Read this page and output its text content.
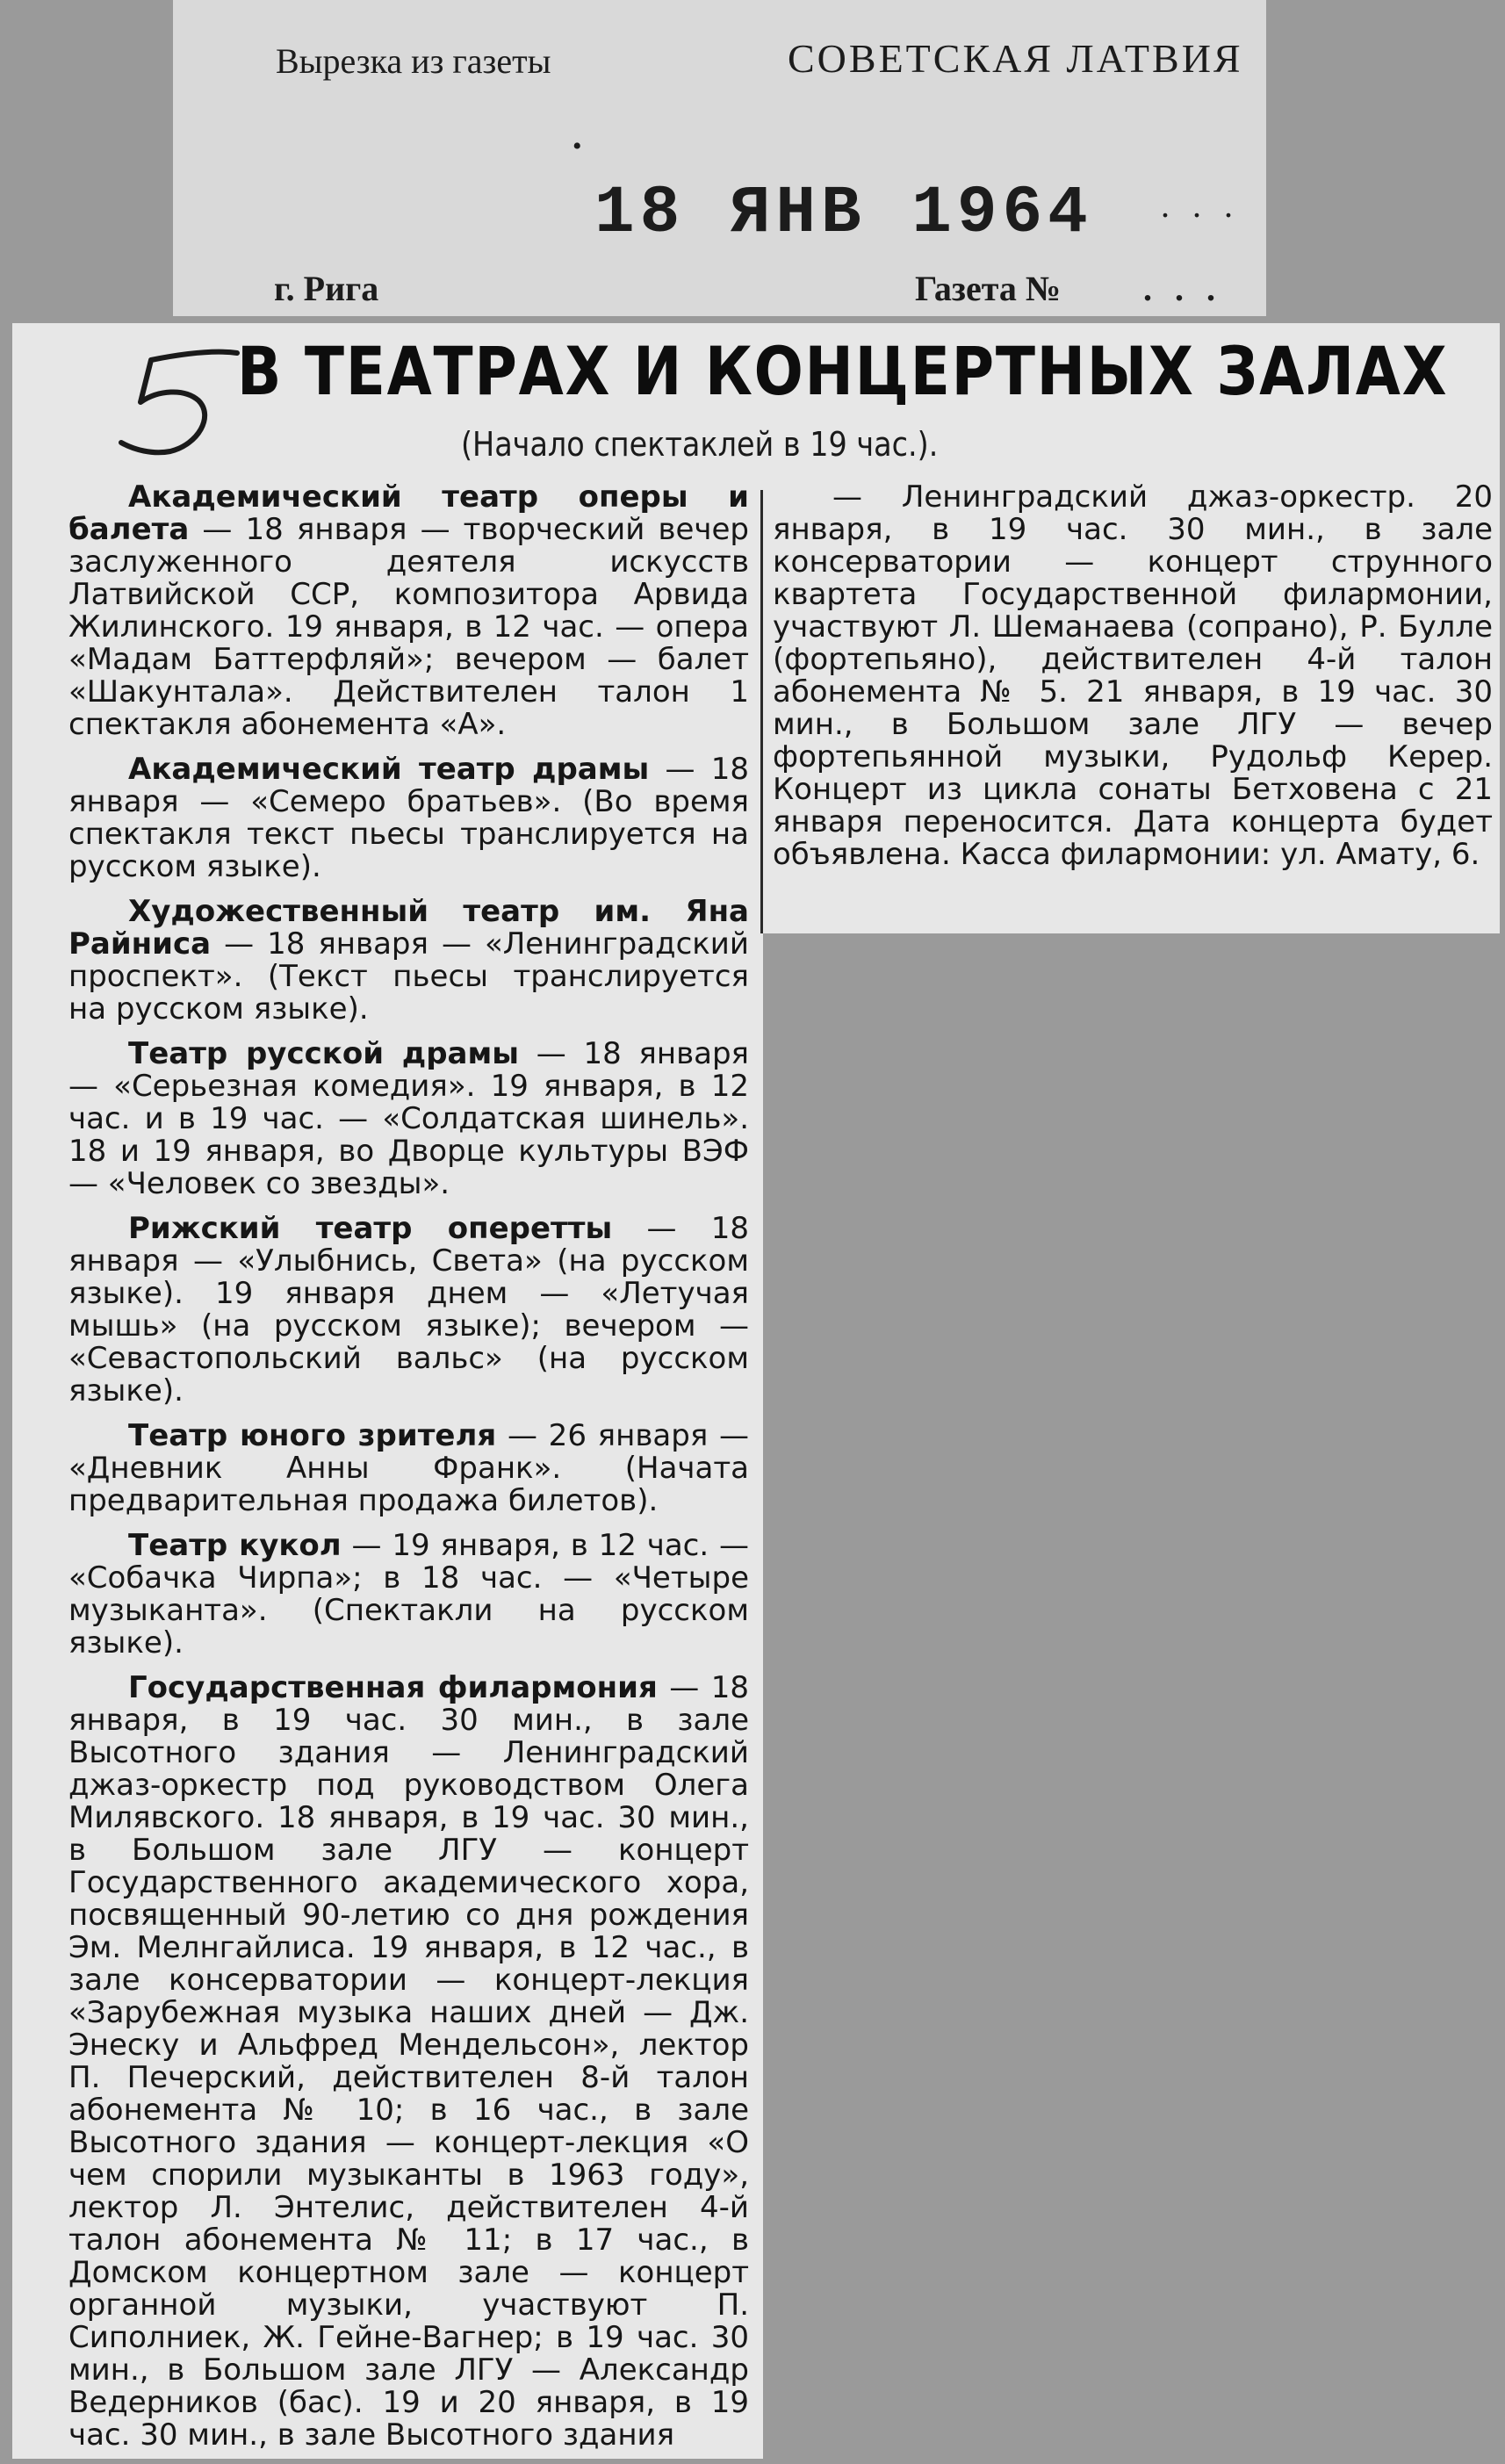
Вырезка из газеты	СОВЕТСКАЯ ЛАТВИЯ
•
18 ЯНВ 1964 . . .
г. Рига	Газета № . . .
В ТЕАТРАХ И КОНЦЕРТНЫХ ЗАЛАХ
(Начало спектаклей в 19 час.).

Академический театр оперы и балета — 18 января — творческий вечер заслуженного деятеля искусств Латвийской ССР, композитора Арвида Жилинского. 19 января, в 12 час. — опера «Мадам Баттерфляй»; вечером — балет «Шакунтала». Действителен талон 1 спектакля абонемента «А».

Академический театр драмы — 18 января — «Семеро братьев». (Во время спектакля текст пьесы транслируется на русском языке).

Художественный театр им. Яна Райниса — 18 января — «Ленинградский проспект». (Текст пьесы транслируется на русском языке).

Театр русской драмы — 18 января — «Серьезная комедия». 19 января, в 12 час. и в 19 час. — «Солдатская шинель». 18 и 19 января, во Дворце культуры ВЭФ — «Человек со звезды».

Рижский театр оперетты — 18 января — «Улыбнись, Света» (на русском языке). 19 января днем — «Летучая мышь» (на русском языке); вечером — «Севастопольский вальс» (на русском языке).

Театр юного зрителя — 26 января — «Дневник Анны Франк». (Начата предварительная продажа билетов).

Театр кукол — 19 января, в 12 час. — «Собачка Чирпа»; в 18 час. — «Четыре музыканта». (Спектакли на русском языке).

Государственная филармония — 18 января, в 19 час. 30 мин., в зале Высотного здания — Ленинградский джаз-оркестр под руководством Олега Милявского. 18 января, в 19 час. 30 мин., в Большом зале ЛГУ — концерт Государственного академического хора, посвященный 90-летию со дня рождения Эм. Мелнгайлиса. 19 января, в 12 час., в зале консерватории — концерт-лекция «Зарубежная музыка наших дней — Дж. Энеску и Альфред Мендельсон», лектор П. Печерский, действителен 8-й талон абонемента № 10; в 16 час., в зале Высотного здания — концерт-лекция «О чем спорили музыканты в 1963 году», лектор Л. Энтелис, действителен 4-й талон абонемента № 11; в 17 час., в Домском концертном зале — концерт органной музыки, участвуют П. Сиполниек, Ж. Гейне-Вагнер; в 19 час. 30 мин., в Большом зале ЛГУ — Александр Ведерников (бас). 19 и 20 января, в 19 час. 30 мин., в зале Высотного здания

— Ленинградский джаз-оркестр. 20 января, в 19 час. 30 мин., в зале консерватории — концерт струнного квартета Государственной филармонии, участвуют Л. Шеманаева (сопрано), Р. Булле (фортепьяно), действителен 4-й талон абонемента № 5. 21 января, в 19 час. 30 мин., в Большом зале ЛГУ — вечер фортепьянной музыки, Рудольф Керер. Концерт из цикла сонаты Бетховена с 21 января переносится. Дата концерта будет объявлена. Касса филармонии: ул. Амату, 6.
